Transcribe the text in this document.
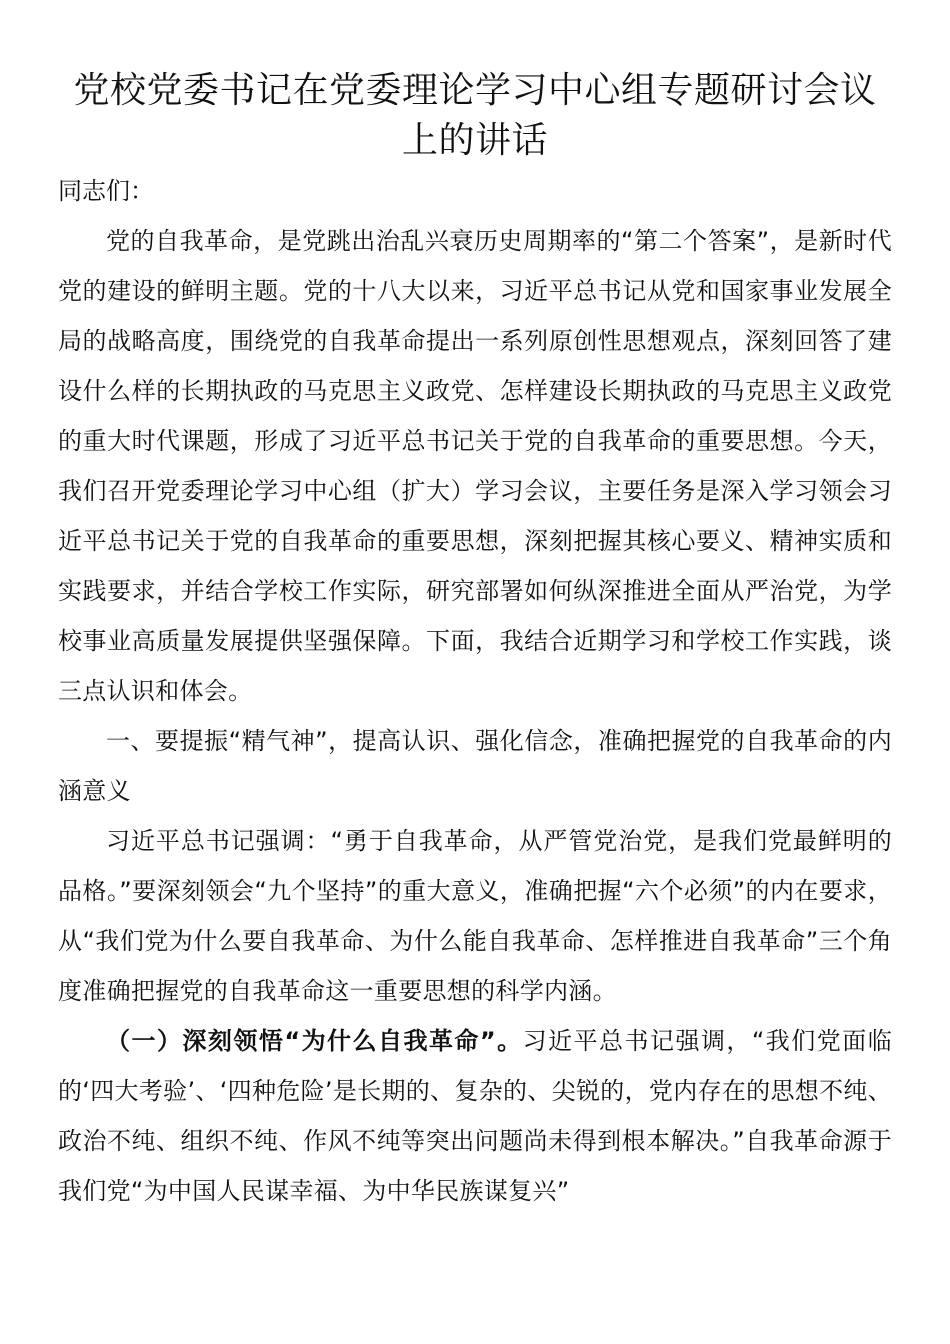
党校党委书记在党委理论学习中心组专题研讨会议上的讲话

同志们：

党的自我革命，是党跳出治乱兴衰历史周期率的“第二个答案”，是新时代党的建设的鲜明主题。党的十八大以来，习近平总书记从党和国家事业发展全局的战略高度，围绕党的自我革命提出一系列原创性思想观点，深刻回答了建设什么样的长期执政的马克思主义政党、怎样建设长期执政的马克思主义政党的重大时代课题，形成了习近平总书记关于党的自我革命的重要思想。今天，我们召开党委理论学习中心组（扩大）学习会议，主要任务是深入学习领会习近平总书记关于党的自我革命的重要思想，深刻把握其核心要义、精神实质和实践要求，并结合学校工作实际，研究部署如何纵深推进全面从严治党，为学校事业高质量发展提供坚强保障。下面，我结合近期学习和学校工作实践，谈三点认识和体会。

一、要提振“精气神”，提高认识、强化信念，准确把握党的自我革命的内涵意义

习近平总书记强调：“勇于自我革命，从严管党治党，是我们党最鲜明的品格。”要深刻领会“九个坚持”的重大意义，准确把握“六个必须”的内在要求，从“我们党为什么要自我革命、为什么能自我革命、怎样推进自我革命”三个角度准确把握党的自我革命这一重要思想的科学内涵。

（一）深刻领悟“为什么自我革命”。习近平总书记强调，“我们党面临的‘四大考验’、‘四种危险’是长期的、复杂的、尖锐的，党内存在的思想不纯、政治不纯、组织不纯、作风不纯等突出问题尚未得到根本解决。”自我革命源于我们党“为中国人民谋幸福、为中华民族谋复兴”
